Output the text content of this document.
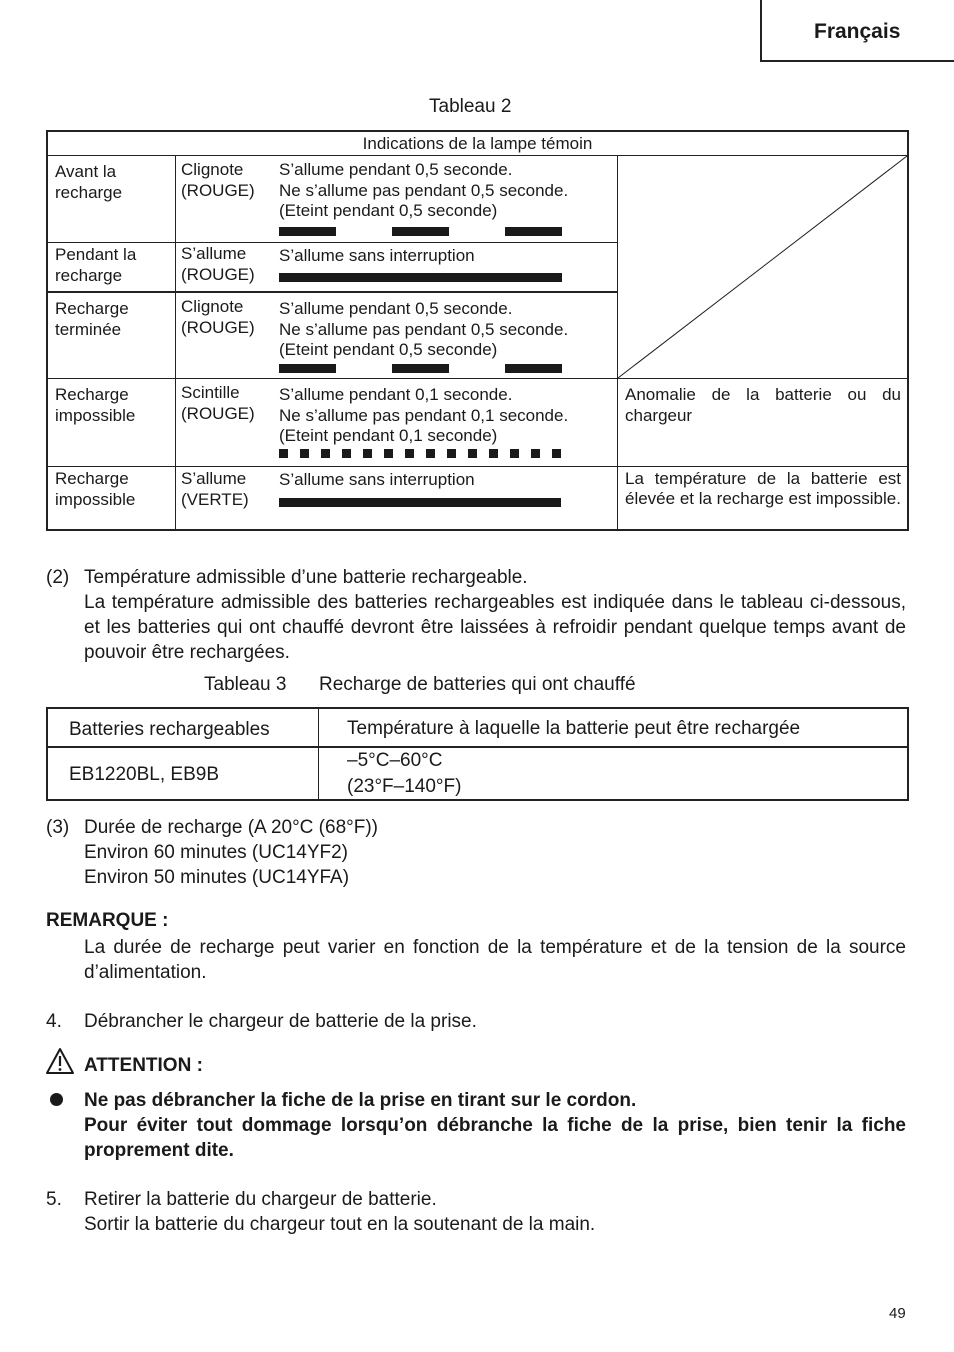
Français
Tableau 2
Indications de la lampe témoin
Avant la
recharge
Clignote
(ROUGE)
S’allume pendant 0,5 seconde.
Ne s’allume pas pendant 0,5 seconde.
(Eteint pendant 0,5 seconde)
Pendant la
recharge
S’allume
(ROUGE)
S’allume sans interruption
Recharge
terminée
Clignote
(ROUGE)
S’allume pendant 0,5 seconde.
Ne s’allume pas pendant 0,5 seconde.
(Eteint pendant 0,5 seconde)
Recharge
impossible
Scintille
(ROUGE)
S’allume pendant 0,1 seconde.
Ne s’allume pas pendant 0,1 seconde.
(Eteint pendant 0,1 seconde)
Anomalie de la batterie ou du chargeur
Recharge
impossible
S’allume
(VERTE)
S’allume sans interruption	La température de la batterie est élevée et la recharge est impossible.
(2) Température admissible d’une batterie rechargeable.
La température admissible des batteries rechargeables est indiquée dans le tableau ci-dessous, et les batteries qui ont chauffé devront être laissées à refroidir pendant quelque temps avant de pouvoir être rechargées.
Tableau 3 Recharge de batteries qui ont chauffé
Batteries rechargeables	Température à laquelle la batterie peut être rechargée
EB1220BL, EB9B
–5°C–60°C
(23°F–140°F)
(3) Durée de recharge (A 20°C (68°F))
Environ 60 minutes (UC14YF2)
Environ 50 minutes (UC14YFA)
REMARQUE :
La durée de recharge peut varier en fonction de la température et de la tension de la source d’alimentation.
4. Débrancher le chargeur de batterie de la prise.
ATTENTION :
Ne pas débrancher la fiche de la prise en tirant sur le cordon.
Pour éviter tout dommage lorsqu’on débranche la fiche de la prise, bien tenir la fiche proprement dite.
5. Retirer la batterie du chargeur de batterie.
Sortir la batterie du chargeur tout en la soutenant de la main.
49
